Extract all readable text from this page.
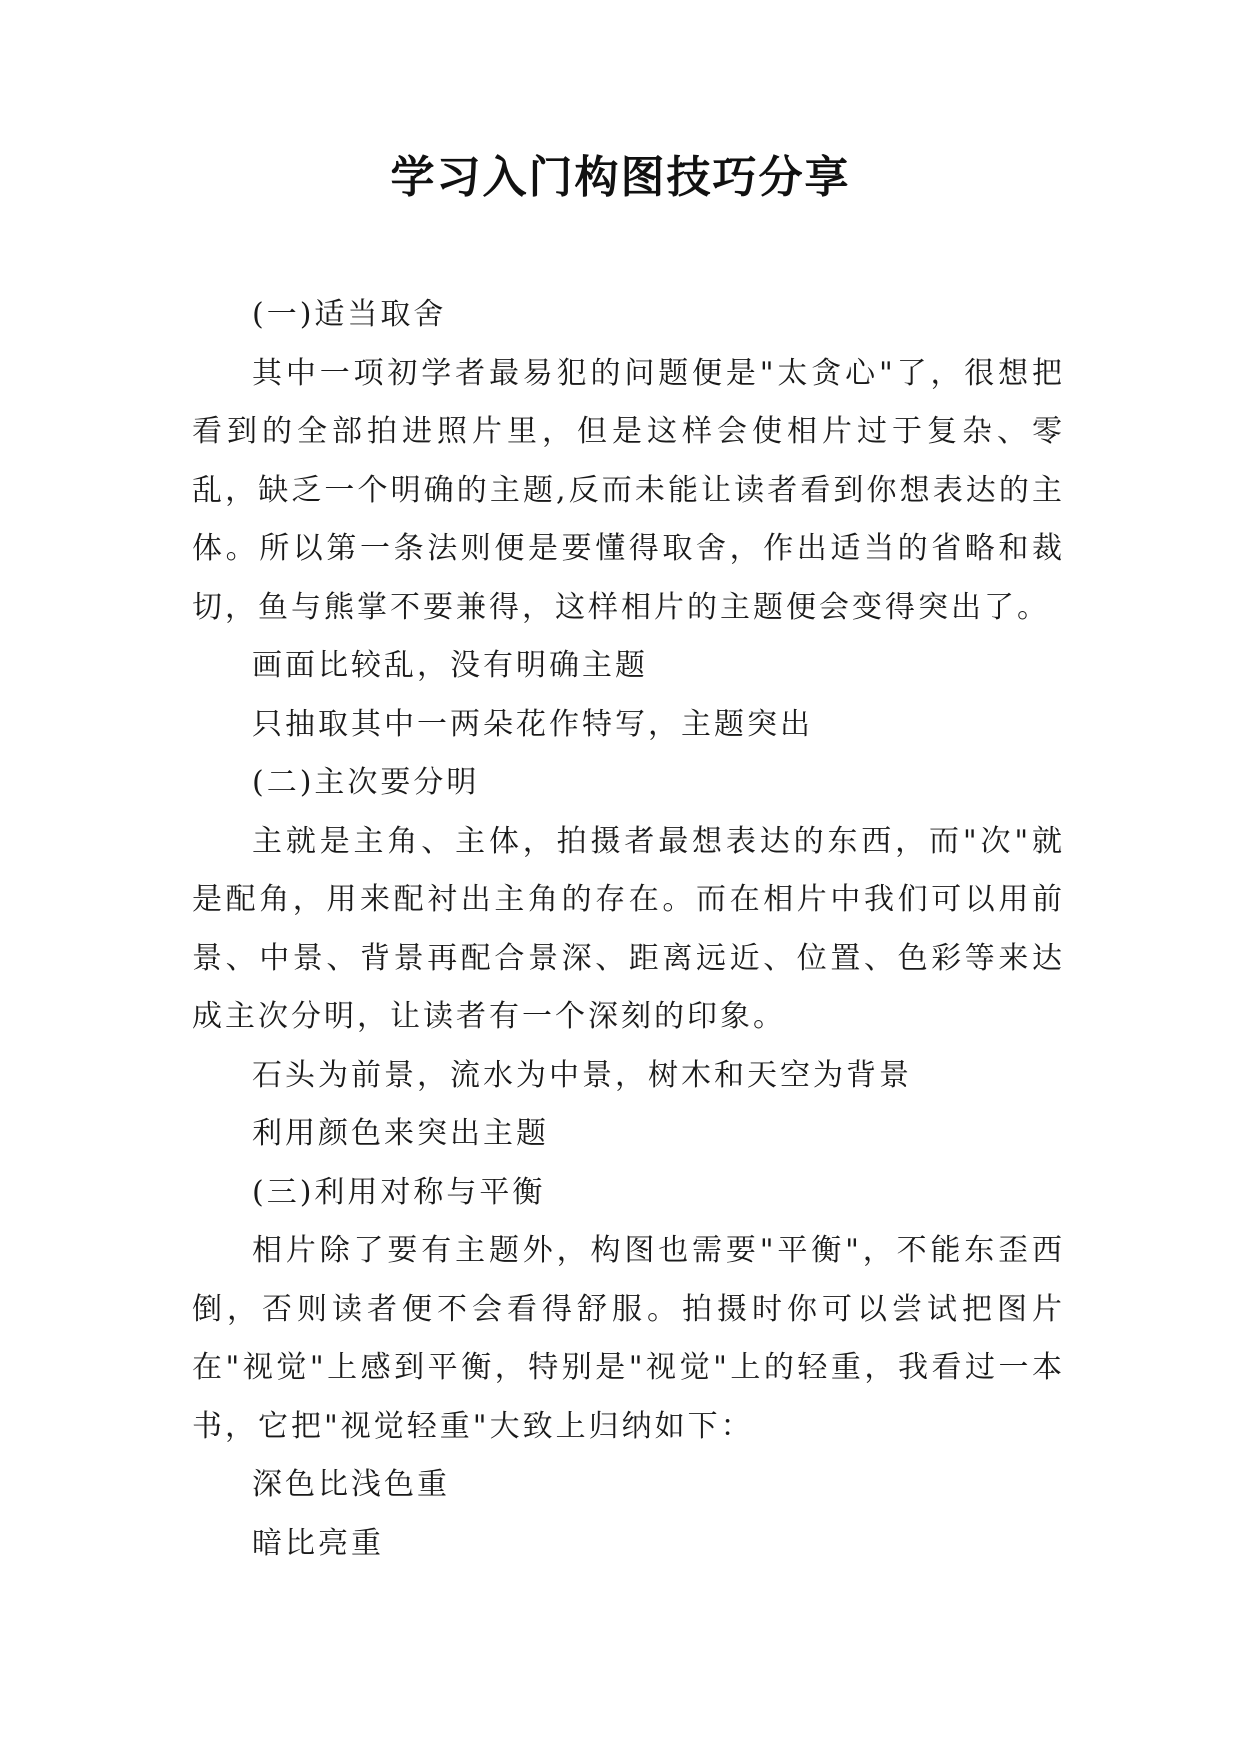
学习入门构图技巧分享

(一)适当取舍

其中一项初学者最易犯的问题便是"太贪心"了，很想把看到的全部拍进照片里，但是这样会使相片过于复杂、零乱，缺乏一个明确的主题,反而未能让读者看到你想表达的主体。所以第一条法则便是要懂得取舍，作出适当的省略和裁切，鱼与熊掌不要兼得，这样相片的主题便会变得突出了。

画面比较乱，没有明确主题

只抽取其中一两朵花作特写，主题突出

(二)主次要分明

主就是主角、主体，拍摄者最想表达的东西，而"次"就是配角，用来配衬出主角的存在。而在相片中我们可以用前景、中景、背景再配合景深、距离远近、位置、色彩等来达成主次分明，让读者有一个深刻的印象。

石头为前景，流水为中景，树木和天空为背景

利用颜色来突出主题

(三)利用对称与平衡

相片除了要有主题外，构图也需要"平衡"，不能东歪西倒，否则读者便不会看得舒服。拍摄时你可以尝试把图片在"视觉"上感到平衡，特别是"视觉"上的轻重，我看过一本书，它把"视觉轻重"大致上归纳如下：

深色比浅色重

暗比亮重
